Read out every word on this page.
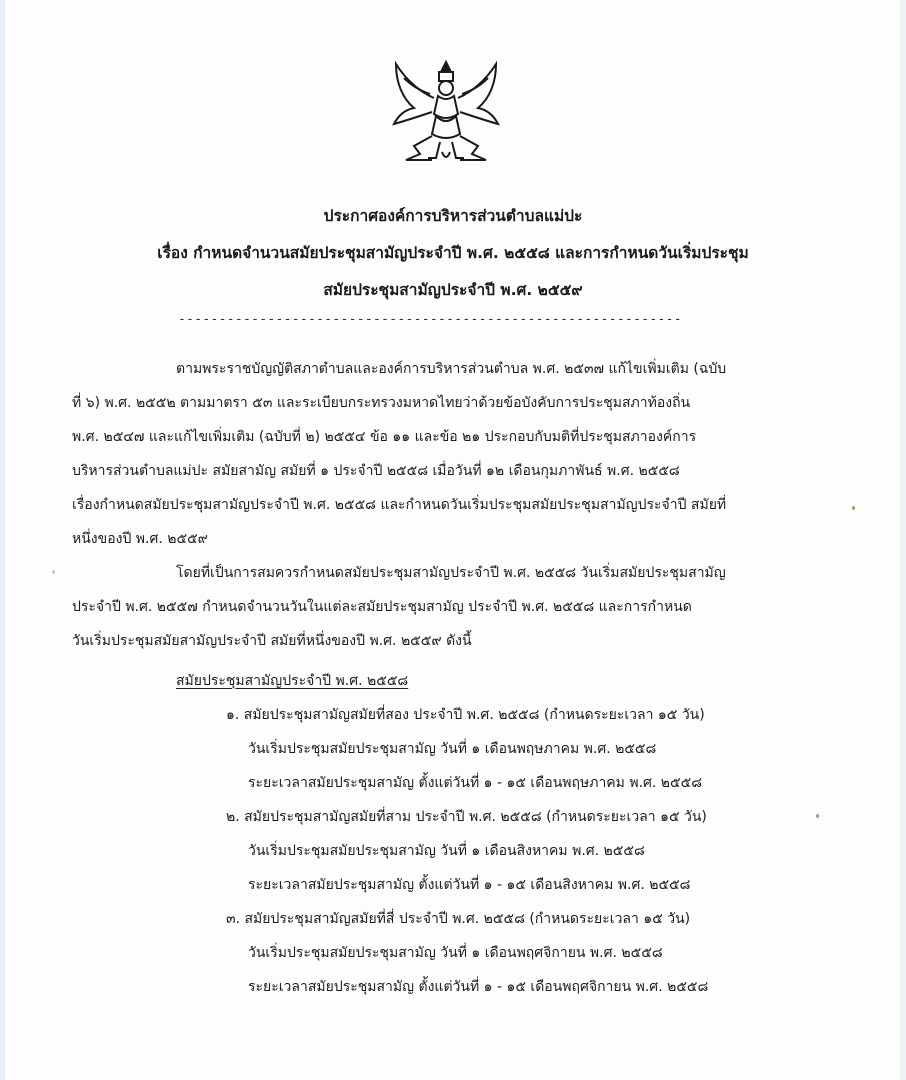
ประกาศองค์การบริหารส่วนตำบลแม่ปะ
เรื่อง กำหนดจำนวนสมัยประชุมสามัญประจำปี พ.ศ. ๒๕๕๘ และการกำหนดวันเริ่มประชุม
สมัยประชุมสามัญประจำปี พ.ศ. ๒๕๕๙
--------------------------------------------------------------
ตามพระราชบัญญัติสภาตำบลและองค์การบริหารส่วนตำบล พ.ศ. ๒๕๓๗ แก้ไขเพิ่มเติม (ฉบับ
ที่ ๖) พ.ศ. ๒๕๕๒ ตามมาตรา ๕๓ และระเบียบกระทรวงมหาดไทยว่าด้วยข้อบังคับการประชุมสภาท้องถิ่น
พ.ศ. ๒๕๔๗ และแก้ไขเพิ่มเติม (ฉบับที่ ๒) ๒๕๕๔ ข้อ ๑๑ และข้อ ๒๑ ประกอบกับมติที่ประชุมสภาองค์การ
บริหารส่วนตำบลแม่ปะ สมัยสามัญ สมัยที่ ๑ ประจำปี ๒๕๕๘ เมื่อวันที่ ๑๒ เดือนกุมภาพันธ์ พ.ศ. ๒๕๕๘
เรื่องกำหนดสมัยประชุมสามัญประจำปี พ.ศ. ๒๕๕๘ และกำหนดวันเริ่มประชุมสมัยประชุมสามัญประจำปี สมัยที่
หนึ่งของปี พ.ศ. ๒๕๕๙
โดยที่เป็นการสมควรกำหนดสมัยประชุมสามัญประจำปี พ.ศ. ๒๕๕๘ วันเริ่มสมัยประชุมสามัญ
ประจำปี พ.ศ. ๒๕๕๗ กำหนดจำนวนวันในแต่ละสมัยประชุมสามัญ ประจำปี พ.ศ. ๒๕๕๘ และการกำหนด
วันเริ่มประชุมสมัยสามัญประจำปี สมัยที่หนึ่งของปี พ.ศ. ๒๕๕๙ ดังนี้
สมัยประชุมสามัญประจำปี พ.ศ. ๒๕๕๘
๑. สมัยประชุมสามัญสมัยที่สอง ประจำปี พ.ศ. ๒๕๕๘ (กำหนดระยะเวลา ๑๕ วัน)
วันเริ่มประชุมสมัยประชุมสามัญ วันที่ ๑ เดือนพฤษภาคม พ.ศ. ๒๕๕๘
ระยะเวลาสมัยประชุมสามัญ ตั้งแต่วันที่ ๑ - ๑๕ เดือนพฤษภาคม พ.ศ. ๒๕๕๘
๒. สมัยประชุมสามัญสมัยที่สาม ประจำปี พ.ศ. ๒๕๕๘ (กำหนดระยะเวลา ๑๕ วัน)
วันเริ่มประชุมสมัยประชุมสามัญ วันที่ ๑ เดือนสิงหาคม พ.ศ. ๒๕๕๘
ระยะเวลาสมัยประชุมสามัญ ตั้งแต่วันที่ ๑ - ๑๕ เดือนสิงหาคม พ.ศ. ๒๕๕๘
๓. สมัยประชุมสามัญสมัยที่สี่ ประจำปี พ.ศ. ๒๕๕๘ (กำหนดระยะเวลา ๑๕ วัน)
วันเริ่มประชุมสมัยประชุมสามัญ วันที่ ๑ เดือนพฤศจิกายน พ.ศ. ๒๕๕๘
ระยะเวลาสมัยประชุมสามัญ ตั้งแต่วันที่ ๑ - ๑๕ เดือนพฤศจิกายน พ.ศ. ๒๕๕๘
